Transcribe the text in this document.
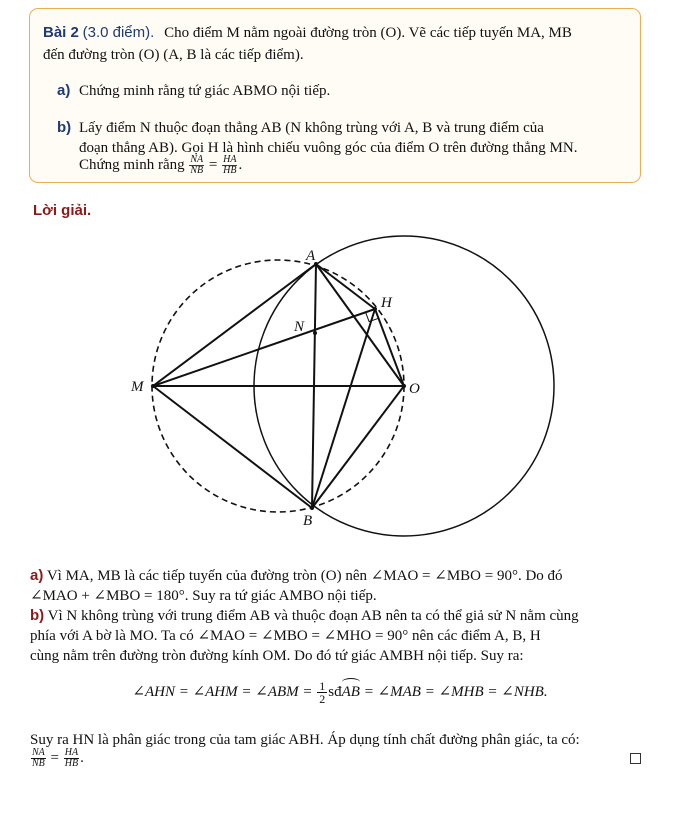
Bài 2 (3.0 điểm). Cho điểm M nằm ngoài đường tròn (O). Vẽ các tiếp tuyến MA, MB
đến đường tròn (O) (A, B là các tiếp điểm).
a) Chứng minh rằng tứ giác ABMO nội tiếp.
b) Lấy điểm N thuộc đoạn thẳng AB (N không trùng với A, B và trung điểm của
đoạn thẳng AB). Gọi H là hình chiếu vuông góc của điểm O trên đường thẳng MN.
Chứng minh rằng $\frac{NA}{NB} = \frac{HA}{HB}$ .
Lời giải.
A
B
M	O
H
N
a) Vì MA, MB là các tiếp tuyến của đường tròn (O) nên ∠MAO = ∠MBO = 90°. Do đó
∠MAO + ∠MBO = 180°. Suy ra tứ giác AMBO nội tiếp.
b) Vì N không trùng với trung điểm AB và thuộc đoạn AB nên ta có thể giả sử N nằm cùng
phía với A bờ là MO. Ta có ∠MAO = ∠MBO = ∠MHO = 90° nên các điểm A, B, H
cùng nằm trên đường tròn đường kính OM. Do đó tứ giác AMBH nội tiếp. Suy ra:
∠AHN = ∠AHM = ∠ABM = $\frac{1}{2}sđAB$ = ∠MAB = ∠MHB = ∠NHB.
Suy ra HN là phân giác trong của tam giác ABH. Áp dụng tính chất đường phân giác, ta có:
$\frac{NA}{NB} = \frac{HA}{HB}$ .
